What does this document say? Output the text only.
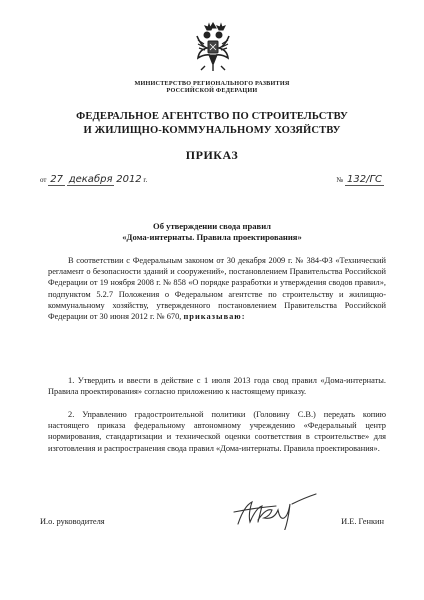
МИНИСТЕРСТВО РЕГИОНАЛЬНОГО РАЗВИТИЯ
РОССИЙСКОЙ ФЕДЕРАЦИИ
ФЕДЕРАЛЬНОЕ АГЕНТСТВО ПО СТРОИТЕЛЬСТВУ
И ЖИЛИЩНО-КОММУНАЛЬНОМУ ХОЗЯЙСТВУ
ПРИКАЗ
от 27 декабря 2012 г.	№ 132/ГС
Об утверждении свода правил
«Дома-интернаты. Правила проектирования»

В соответствии с Федеральным законом от 30 декабря 2009 г. № 384-ФЗ «Технический регламент о безопасности зданий и сооружений», постановлением Правительства Российской Федерации от 19 ноября 2008 г. № 858 «О порядке разработки и утверждения сводов правил», подпунктом 5.2.7 Положения о Федеральном агентстве по строительству и жилищно-коммунальному хозяйству, утвержденного постановлением Правительства Российской Федерации от 30 июня 2012 г. № 670, приказываю:

1. Утвердить и ввести в действие с 1 июля 2013 года свод правил «Дома-интернаты. Правила проектирования» согласно приложению к настоящему приказу.

2. Управлению градостроительной политики (Головину С.В.) передать копию настоящего приказа федеральному автономному учреждению «Федеральный центр нормирования, стандартизации и технической оценки соответствия в строительстве» для изготовления и распространения свода правил «Дома-интернаты. Правила проектирования».

И.о. руководителя	И.Е. Генкин
